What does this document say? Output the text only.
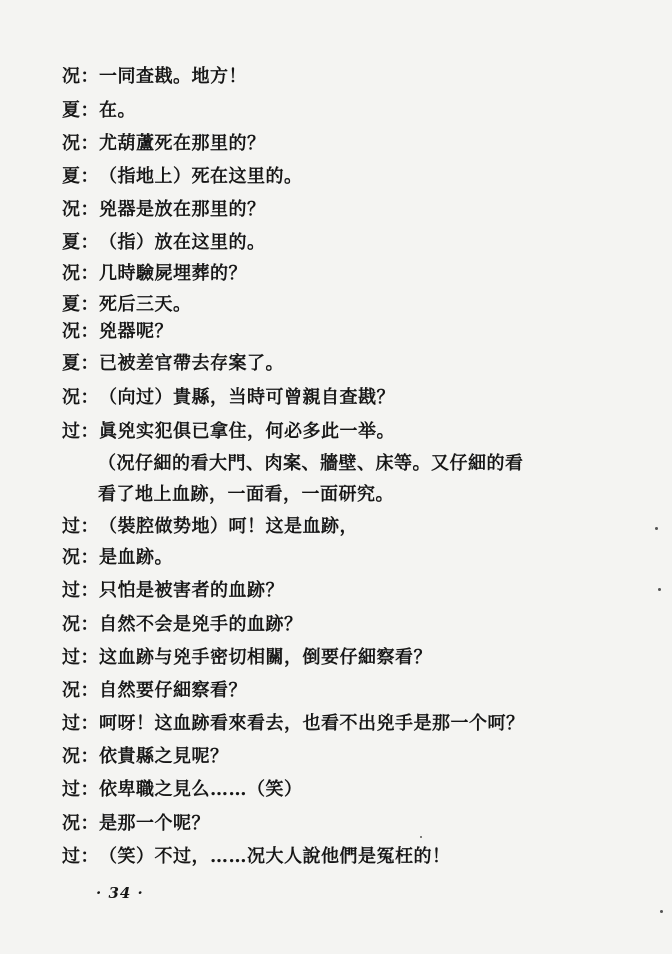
况：一同查戡。地方！
夏：在。
况：尤葫蘆死在那里的？
夏：（指地上）死在这里的。
况：兇器是放在那里的？
夏：（指）放在这里的。
况：几時驗屍埋葬的？
夏：死后三天。
况：兇器呢？
夏：已被差官帶去存案了。
况：（向过）貴縣，当時可曾親自查戡？
过：眞兇实犯俱已拿住，何必多此一举。
（况仔細的看大門、肉案、牆壁、床等。又仔細的看
看了地上血跡，一面看，一面研究。
过：（裝腔做势地）呵！这是血跡，
况：是血跡。
过：只怕是被害者的血跡？
况：自然不会是兇手的血跡？
过：这血跡与兇手密切相關，倒要仔細察看？
况：自然要仔細察看？
过：呵呀！这血跡看來看去，也看不出兇手是那一个呵？
况：依貴縣之見呢？
过：依卑職之見么……（笑）
况：是那一个呢？
过：（笑）不过，……况大人說他們是冤枉的！
· 34 ·
